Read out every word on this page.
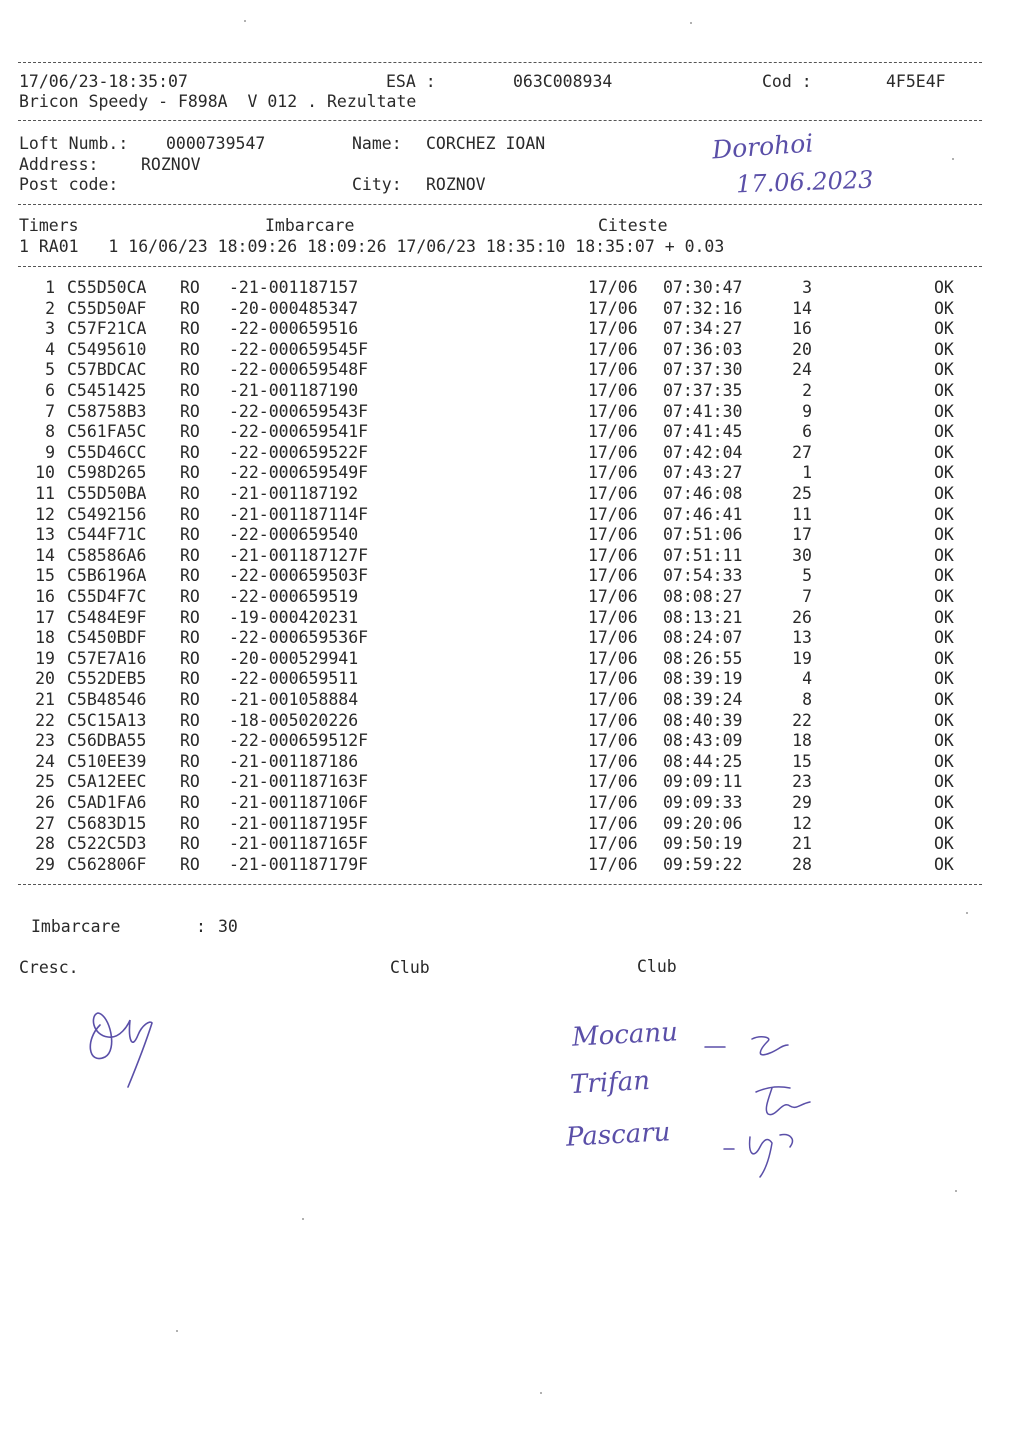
17/06/23-18:35:07	ESA :	063C008934	Cod :	4F5E4F
Bricon Speedy - F898A  V 012 . Rezultate
Loft Numb.: 0000739547	Name: CORCHEZ IOAN
Address:	ROZNOV
Post code:	City: ROZNOV
Dorohoi
17.06.2023
Timers	Imbarcare	Citeste
1 RA01   1 16/06/23 18:09:26 18:09:26 17/06/23 18:35:10 18:35:07 + 0.03
1 C55D50CA RO -21-001187157	17/06 07:30:47	3	OK
2 C55D50AF RO -20-000485347	17/06 07:32:16	14	OK
3 C57F21CA RO -22-000659516	17/06 07:34:27	16	OK
4 C5495610 RO -22-000659545F	17/06 07:36:03	20	OK
5 C57BDCAC RO -22-000659548F	17/06 07:37:30	24	OK
6 C5451425 RO -21-001187190	17/06 07:37:35	2	OK
7 C58758B3 RO -22-000659543F	17/06 07:41:30	9	OK
8 C561FA5C RO -22-000659541F	17/06 07:41:45	6	OK
9 C55D46CC RO -22-000659522F	17/06 07:42:04	27	OK
10 C598D265 RO -22-000659549F	17/06 07:43:27	1	OK
11 C55D50BA RO -21-001187192	17/06 07:46:08	25	OK
12 C5492156 RO -21-001187114F	17/06 07:46:41	11	OK
13 C544F71C RO -22-000659540	17/06 07:51:06	17	OK
14 C58586A6 RO -21-001187127F	17/06 07:51:11	30	OK
15 C5B6196A RO -22-000659503F	17/06 07:54:33	5	OK
16 C55D4F7C RO -22-000659519	17/06 08:08:27	7	OK
17 C5484E9F RO -19-000420231	17/06 08:13:21	26	OK
18 C5450BDF RO -22-000659536F	17/06 08:24:07	13	OK
19 C57E7A16 RO -20-000529941	17/06 08:26:55	19	OK
20 C552DEB5 RO -22-000659511	17/06 08:39:19	4	OK
21 C5B48546 RO -21-001058884	17/06 08:39:24	8	OK
22 C5C15A13 RO -18-005020226	17/06 08:40:39	22	OK
23 C56DBA55 RO -22-000659512F	17/06 08:43:09	18	OK
24 C510EE39 RO -21-001187186	17/06 08:44:25	15	OK
25 C5A12EEC RO -21-001187163F	17/06 09:09:11	23	OK
26 C5AD1FA6 RO -21-001187106F	17/06 09:09:33	29	OK
27 C5683D15 RO -21-001187195F	17/06 09:20:06	12	OK
28 C522C5D3 RO -21-001187165F	17/06 09:50:19	21	OK
29 C562806F RO -21-001187179F	17/06 09:59:22	28	OK
Imbarcare	: 30
Cresc.	Club	Club
Mocanu
Trifan
Pascaru
